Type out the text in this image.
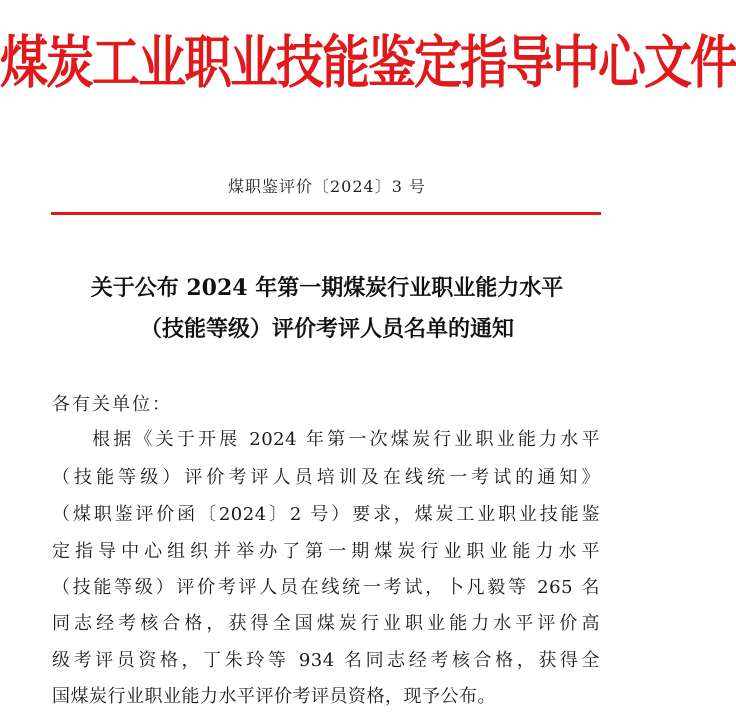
煤炭工业职业技能鉴定指导中心文件
煤职鉴评价〔2024〕3 号
关于公布 2024 年第一期煤炭行业职业能力水平
（技能等级）评价考评人员名单的通知
各有关单位：
根据《关于开展 2024 年第一次煤炭行业职业能力水平
（技能等级）评价考评人员培训及在线统一考试的通知》
（煤职鉴评价函〔2024〕2 号）要求，煤炭工业职业技能鉴
定指导中心组织并举办了第一期煤炭行业职业能力水平
（技能等级）评价考评人员在线统一考试，卜凡毅等 265 名
同志经考核合格，获得全国煤炭行业职业能力水平评价高
级考评员资格，丁朱玲等 934 名同志经考核合格，获得全
国煤炭行业职业能力水平评价考评员资格，现予公布。
